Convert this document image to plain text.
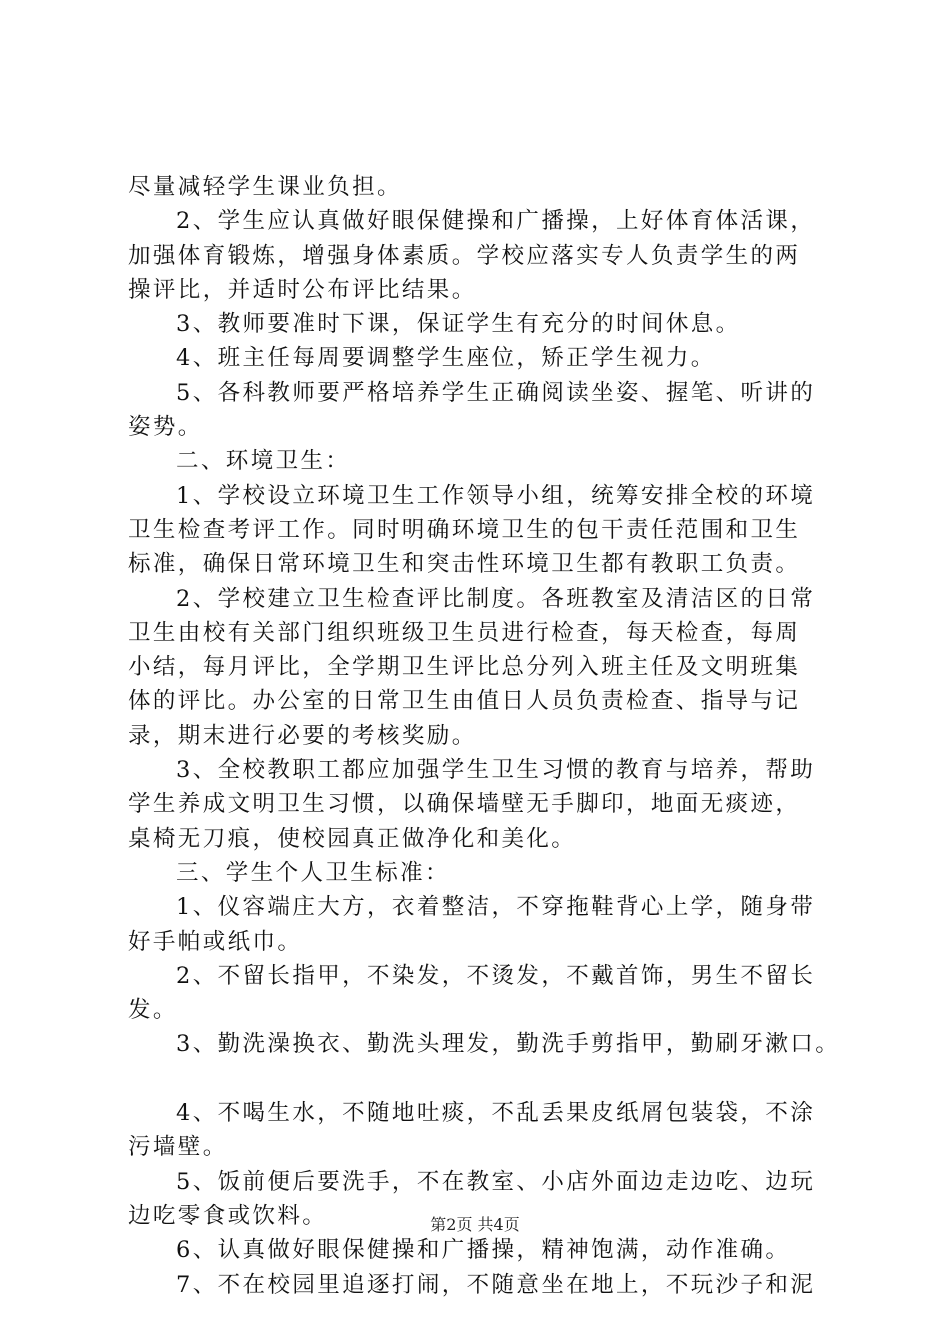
尽量减轻学生课业负担。
2、学生应认真做好眼保健操和广播操，上好体育体活课，
加强体育锻炼，增强身体素质。学校应落实专人负责学生的两
操评比，并适时公布评比结果。
3、教师要准时下课，保证学生有充分的时间休息。
4、班主任每周要调整学生座位，矫正学生视力。
5、各科教师要严格培养学生正确阅读坐姿、握笔、听讲的
姿势。
二、环境卫生：
1、学校设立环境卫生工作领导小组，统筹安排全校的环境
卫生检查考评工作。同时明确环境卫生的包干责任范围和卫生
标准，确保日常环境卫生和突击性环境卫生都有教职工负责。
2、学校建立卫生检查评比制度。各班教室及清洁区的日常
卫生由校有关部门组织班级卫生员进行检查，每天检查，每周
小结，每月评比，全学期卫生评比总分列入班主任及文明班集
体的评比。办公室的日常卫生由值日人员负责检查、指导与记
录，期末进行必要的考核奖励。
3、全校教职工都应加强学生卫生习惯的教育与培养，帮助
学生养成文明卫生习惯，以确保墙壁无手脚印，地面无痰迹，
桌椅无刀痕，使校园真正做净化和美化。
三、学生个人卫生标准：
1、仪容端庄大方，衣着整洁，不穿拖鞋背心上学，随身带
好手帕或纸巾。
2、不留长指甲，不染发，不烫发，不戴首饰，男生不留长
发。
3、勤洗澡换衣、勤洗头理发，勤洗手剪指甲，勤刷牙漱口。
4、不喝生水，不随地吐痰，不乱丢果皮纸屑包装袋，不涂
污墙壁。
5、饭前便后要洗手，不在教室、小店外面边走边吃、边玩
边吃零食或饮料。
6、认真做好眼保健操和广播操，精神饱满，动作准确。
7、不在校园里追逐打闹，不随意坐在地上，不玩沙子和泥
第2页 共4页
